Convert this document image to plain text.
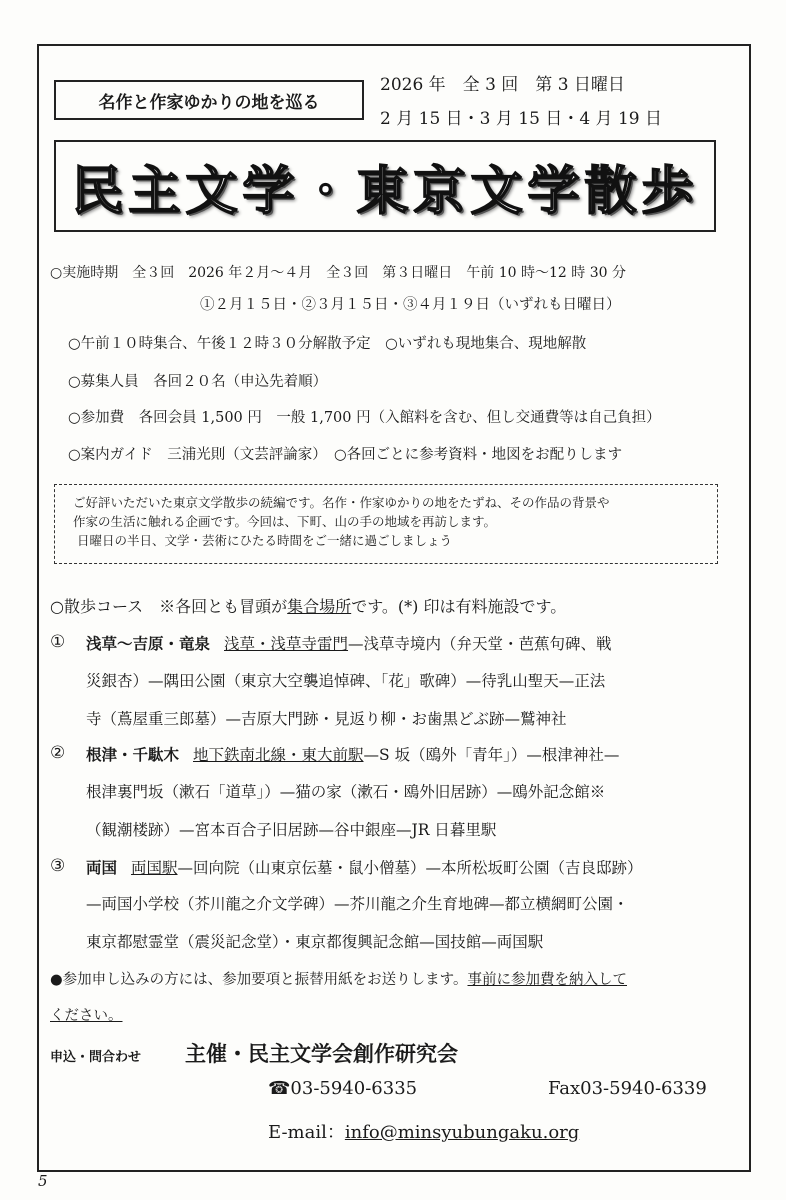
名作と作家ゆかりの地を巡る
2026 年　全 3 回　第 3 日曜日
2 月 15 日・3 月 15 日・4 月 19 日
民主文学・東京文学散歩
○実施時期　全３回　2026 年２月～４月　全３回　第３日曜日　午前 10 時～12 時 30 分
①２月１５日・②３月１５日・③４月１９日（いずれも日曜日）
○午前１０時集合、午後１２時３０分解散予定　○いずれも現地集合、現地解散
○募集人員　各回２０名（申込先着順）
○参加費　各回会員 1,500 円　一般 1,700 円（入館料を含む、但し交通費等は自己負担）
○案内ガイド　三浦光則（文芸評論家）　○各回ごとに参考資料・地図をお配りします
ご好評いただいた東京文学散歩の続編です。名作・作家ゆかりの地をたずね、その作品の背景や
作家の生活に触れる企画です。今回は、下町、山の手の地域を再訪します。
日曜日の半日、文学・芸術にひたる時間をご一緒に過ごしましょう
○散歩コース　※各回とも冒頭が集合場所です。(*) 印は有料施設です。
① 浅草～吉原・竜泉 浅草・浅草寺雷門—浅草寺境内（弁天堂・芭蕉句碑、戦
災銀杏）—隅田公園（東京大空襲追悼碑、「花」歌碑）—待乳山聖天—正法
寺（蔦屋重三郎墓）—吉原大門跡・見返り柳・お歯黒どぶ跡—鷲神社
② 根津・千駄木 地下鉄南北線・東大前駅—S 坂（鴎外「青年」）—根津神社—
根津裏門坂（漱石「道草」）—猫の家（漱石・鴎外旧居跡）—鴎外記念館※
（観潮楼跡）—宮本百合子旧居跡—谷中銀座—JR 日暮里駅
③ 両国 両国駅—回向院（山東京伝墓・鼠小僧墓）—本所松坂町公園（吉良邸跡）
—両国小学校（芥川龍之介文学碑）—芥川龍之介生育地碑—都立横網町公園・
東京都慰霊堂（震災記念堂）・東京都復興記念館—国技館—両国駅
●参加申し込みの方には、参加要項と振替用紙をお送りします。事前に参加費を納入して
ください。
申込・問合わせ 主催・民主文学会創作研究会
☎03-5940-6335	Fax03-5940-6339
E-mail：info@minsyubungaku.org
5
